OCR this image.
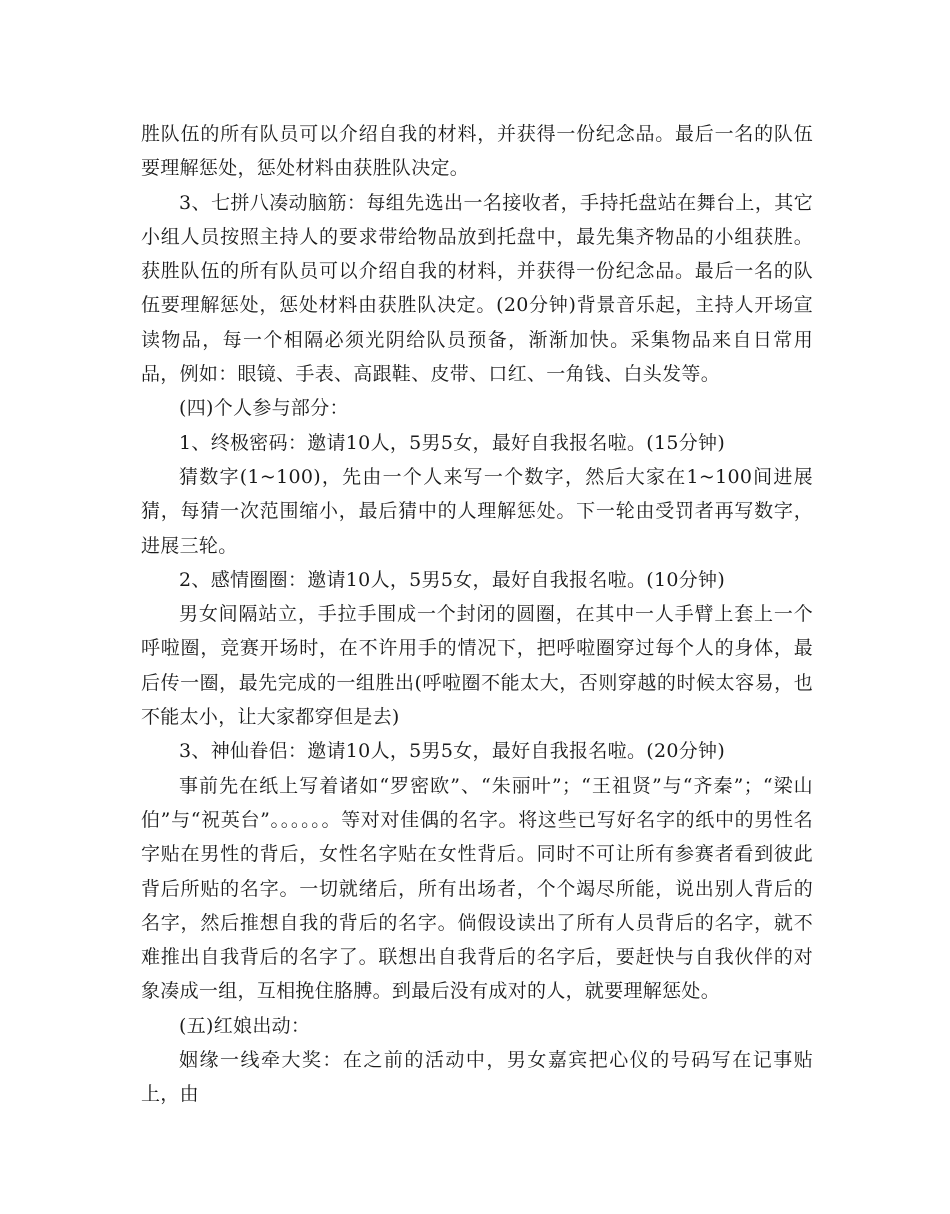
胜队伍的所有队员可以介绍自我的材料，并获得一份纪念品。最后一名的队伍要理解惩处，惩处材料由获胜队决定。

3、七拼八凑动脑筋：每组先选出一名接收者，手持托盘站在舞台上，其它小组人员按照主持人的要求带给物品放到托盘中，最先集齐物品的小组获胜。获胜队伍的所有队员可以介绍自我的材料，并获得一份纪念品。最后一名的队伍要理解惩处，惩处材料由获胜队决定。(20分钟)背景音乐起，主持人开场宣读物品，每一个相隔必须光阴给队员预备，渐渐加快。采集物品来自日常用品，例如：眼镜、手表、高跟鞋、皮带、口红、一角钱、白头发等。

(四)个人参与部分：

1、终极密码：邀请10人，5男5女，最好自我报名啦。(15分钟)

猜数字(1~100)，先由一个人来写一个数字，然后大家在1~100间进展猜，每猜一次范围缩小，最后猜中的人理解惩处。下一轮由受罚者再写数字，进展三轮。

2、感情圈圈：邀请10人，5男5女，最好自我报名啦。(10分钟)

男女间隔站立，手拉手围成一个封闭的圆圈，在其中一人手臂上套上一个呼啦圈，竞赛开场时，在不许用手的情况下，把呼啦圈穿过每个人的身体，最后传一圈，最先完成的一组胜出(呼啦圈不能太大，否则穿越的时候太容易，也不能太小，让大家都穿但是去)

3、神仙眷侣：邀请10人，5男5女，最好自我报名啦。(20分钟)

事前先在纸上写着诸如“罗密欧”、“朱丽叶”；“王祖贤”与“齐秦”；“梁山伯”与“祝英台”。。。。。。等对对佳偶的名字。将这些已写好名字的纸中的男性名字贴在男性的背后，女性名字贴在女性背后。同时不可让所有参赛者看到彼此背后所贴的名字。一切就绪后，所有出场者，个个竭尽所能，说出别人背后的名字，然后推想自我的背后的名字。倘假设读出了所有人员背后的名字，就不难推出自我背后的名字了。联想出自我背后的名字后，要赶快与自我伙伴的对象凑成一组，互相挽住胳膊。到最后没有成对的人，就要理解惩处。

(五)红娘出动：

姻缘一线牵大奖：在之前的活动中，男女嘉宾把心仪的号码写在记事贴上，由
